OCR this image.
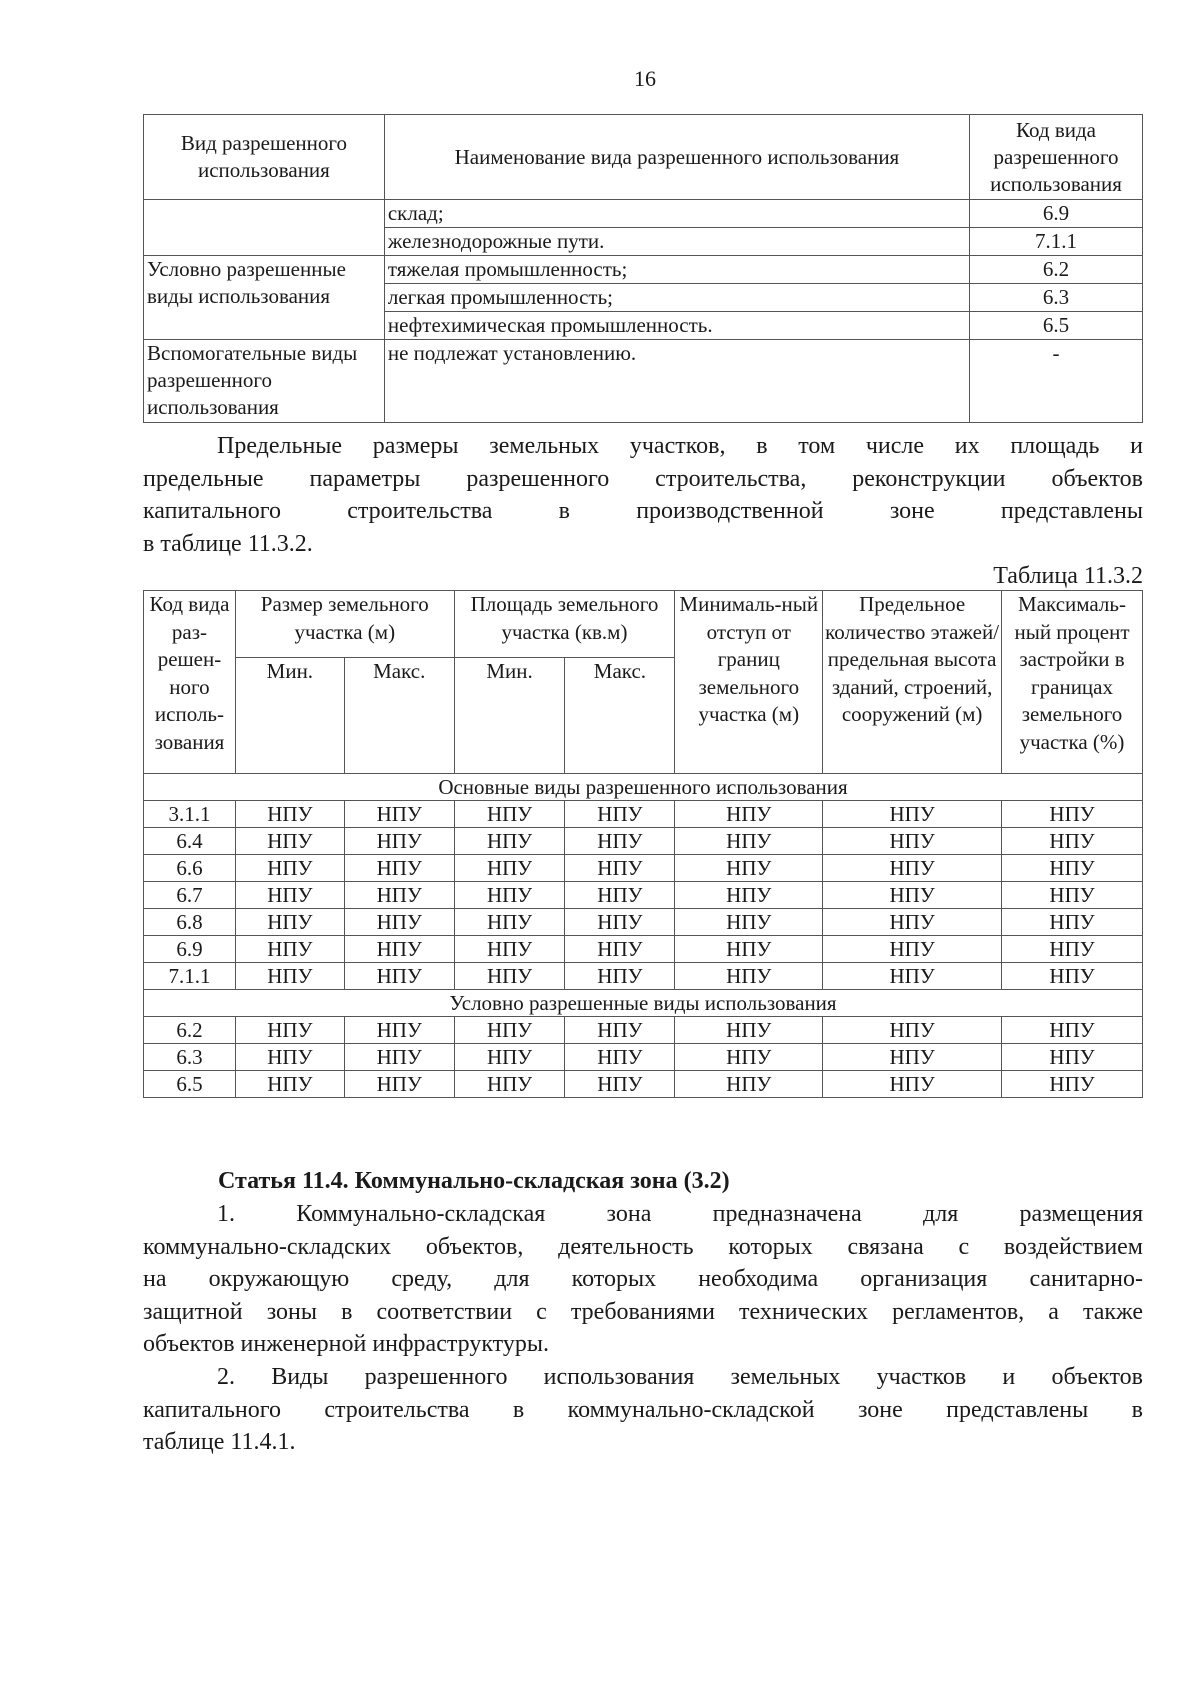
16
Вид разрешенного использования	Наименование вида разрешенного использования	Код вида разрешенного использования
	склад;	6.9
	железнодорожные пути.	7.1.1
Условно разрешенные виды использования	тяжелая промышленность;	6.2
	легкая промышленность;	6.3
	нефтехимическая промышленность.	6.5
Вспомогательные виды разрешенного использования	не подлежат установлению.	-
Предельные размеры земельных участков, в том числе их площадь и
предельные параметры разрешенного строительства, реконструкции объектов
капитального строительства в производственной зоне представлены
в таблице 11.3.2.
Таблица 11.3.2
Код вида раз-решен-ного исполь-зования	Размер земельного участка (м)		Площадь земельного участка (кв.м)		Минималь-ный отступ от границ земельного участка (м)	Предельное количество этажей/ предельная высота зданий, строений, сооружений (м)	Максималь-ный процент застройки в границах земельного участка (%)
	Мин.	Макс.	Мин.	Макс.			
Основные виды разрешенного использования							
3.1.1	НПУ	НПУ	НПУ	НПУ	НПУ	НПУ	НПУ
6.4	НПУ	НПУ	НПУ	НПУ	НПУ	НПУ	НПУ
6.6	НПУ	НПУ	НПУ	НПУ	НПУ	НПУ	НПУ
6.7	НПУ	НПУ	НПУ	НПУ	НПУ	НПУ	НПУ
6.8	НПУ	НПУ	НПУ	НПУ	НПУ	НПУ	НПУ
6.9	НПУ	НПУ	НПУ	НПУ	НПУ	НПУ	НПУ
7.1.1	НПУ	НПУ	НПУ	НПУ	НПУ	НПУ	НПУ
Условно разрешенные виды использования							
6.2	НПУ	НПУ	НПУ	НПУ	НПУ	НПУ	НПУ
6.3	НПУ	НПУ	НПУ	НПУ	НПУ	НПУ	НПУ
6.5	НПУ	НПУ	НПУ	НПУ	НПУ	НПУ	НПУ
Статья 11.4. Коммунально-складская зона (3.2)
1. Коммунально-складская зона предназначена для размещения
коммунально-складских объектов, деятельность которых связана с воздействием
на окружающую среду, для которых необходима организация санитарно-
защитной зоны в соответствии с требованиями технических регламентов, а также
объектов инженерной инфраструктуры.
2. Виды разрешенного использования земельных участков и объектов
капитального строительства в коммунально-складской зоне представлены в
таблице 11.4.1.
